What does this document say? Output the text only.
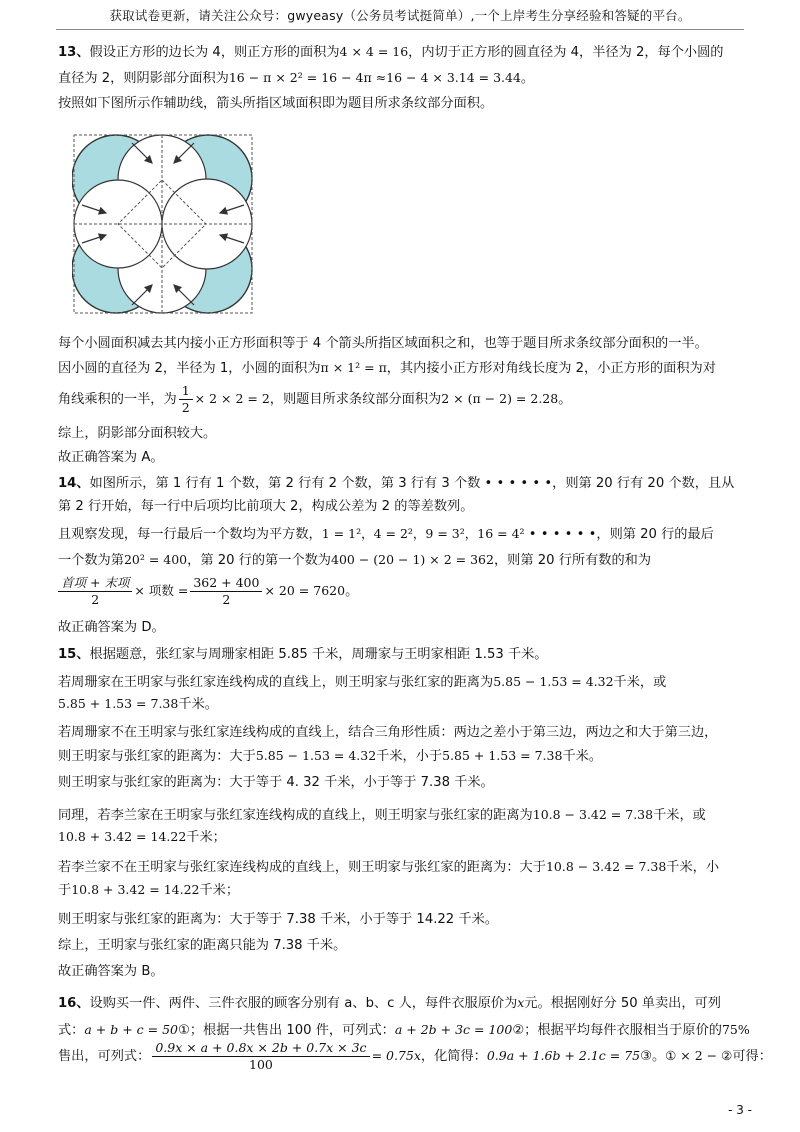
获取试卷更新，请关注公众号：gwyeasy（公务员考试挺简单）,一个上岸考生分享经验和答疑的平台。
13、假设正方形的边长为 4，则正方形的面积为4 × 4 = 16，内切于正方形的圆直径为 4，半径为 2，每个小圆的
直径为 2，则阴影部分面积为16 − π × 2² = 16 − 4π ≈16 − 4 × 3.14 = 3.44。
按照如下图所示作辅助线，箭头所指区域面积即为题目所求条纹部分面积。
每个小圆面积减去其内接小正方形面积等于 4 个箭头所指区域面积之和，也等于题目所求条纹部分面积的一半。
因小圆的直径为 2，半径为 1，小圆的面积为π × 1² = π，其内接小正方形对角线长度为 2，小正方形的面积为对
角线乘积的一半，为 $\frac{1}{2} \times 2 \times 2 = 2$，则题目所求条纹部分面积为2 × (π − 2) = 2.28。
综上，阴影部分面积较大。
故正确答案为 A。
14、如图所示，第 1 行有 1 个数，第 2 行有 2 个数，第 3 行有 3 个数 • • • • • •，则第 20 行有 20 个数，且从
第 2 行开始，每一行中后项均比前项大 2，构成公差为 2 的等差数列。
且观察发现，每一行最后一个数均为平方数，1 = 1²，4 = 2²，9 = 3²，16 = 4² • • • • • •，则第 20 行的最后
一个数为第20² = 400，第 20 行的第一个数为400 − (20 − 1) × 2 = 362，则第 20 行所有数的和为
$\frac{\text{首项 + 末项}}{2}$ × 项数 = $\frac{362 + 400}{2} \times 20 = 7620$。
故正确答案为 D。
15、根据题意，张红家与周珊家相距 5.85 千米，周珊家与王明家相距 1.53 千米。
若周珊家在王明家与张红家连线构成的直线上，则王明家与张红家的距离为5.85 − 1.53 = 4.32千米，或
5.85 + 1.53 = 7.38千米。
若周珊家不在王明家与张红家连线构成的直线上，结合三角形性质：两边之差小于第三边，两边之和大于第三边，
则王明家与张红家的距离为：大于5.85 − 1.53 = 4.32千米，小于5.85 + 1.53 = 7.38千米。
则王明家与张红家的距离为：大于等于 4. 32 千米，小于等于 7.38 千米。
同理，若李兰家在王明家与张红家连线构成的直线上，则王明家与张红家的距离为10.8 − 3.42 = 7.38千米，或
10.8 + 3.42 = 14.22千米；
若李兰家不在王明家与张红家连线构成的直线上，则王明家与张红家的距离为：大于10.8 − 3.42 = 7.38千米，小
于10.8 + 3.42 = 14.22千米；
则王明家与张红家的距离为：大于等于 7.38 千米，小于等于 14.22 千米。
综上，王明家与张红家的距离只能为 7.38 千米。
故正确答案为 B。
16、设购买一件、两件、三件衣服的顾客分别有 a、b、c 人，每件衣服原价为x元。根据刚好分 50 单卖出，可列
式：a + b + c = 50①；根据一共售出 100 件，可列式：a + 2b + 3c = 100②；根据平均每件衣服相当于原价的75%
售出，可列式： $\frac{0.9x \times a + 0.8x \times 2b + 0.7x \times 3c}{100} = 0.75x$，化简得：0.9a + 1.6b + 2.1c = 75③。① × 2 − ②可得：
- 3 -
